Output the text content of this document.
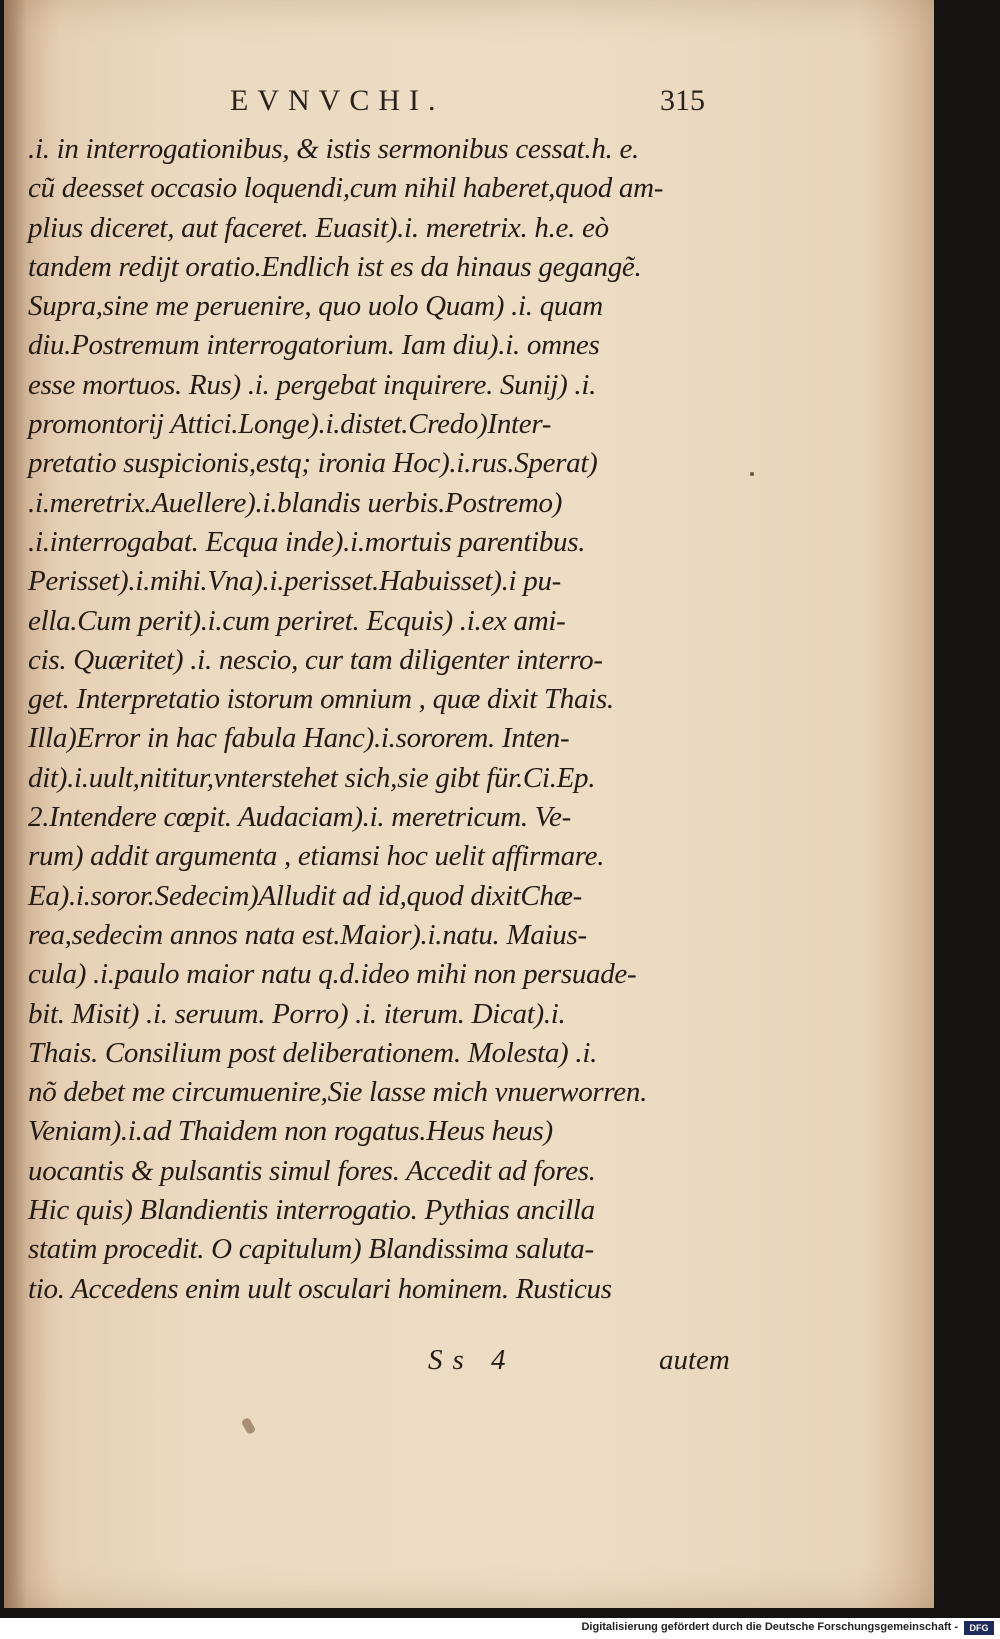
EVNVCHI.	315
.i. in interrogationibus, & istis sermonibus cessat.h. e.
cũ deesset occasio loquendi,cum nihil haberet,quod am-
plius diceret, aut faceret. Euasit).i. meretrix. h.e. eò
tandem redijt oratio.Endlich ist es da hinaus gegangẽ.
Supra,sine me peruenire, quo uolo Quam) .i. quam
diu.Postremum interrogatorium. Iam diu).i. omnes
esse mortuos. Rus) .i. pergebat inquirere. Sunij) .i.
promontorij Attici.Longe).i.distet.Credo)Inter-
pretatio suspicionis,estq; ironia Hoc).i.rus.Sperat)
.i.meretrix.Auellere).i.blandis uerbis.Postremo)
.i.interrogabat. Ecqua inde).i.mortuis parentibus.
Perisset).i.mihi.Vna).i.perisset.Habuisset).i pu-
ella.Cum perit).i.cum periret. Ecquis) .i.ex ami-
cis. Quæritet) .i. nescio, cur tam diligenter interro-
get. Interpretatio istorum omnium , quæ dixit Thais.
Illa)Error in hac fabula Hanc).i.sororem. Inten-
dit).i.uult,nititur,vnterstehet sich,sie gibt für.Ci.Ep.
2.Intendere cœpit. Audaciam).i. meretricum. Ve-
rum) addit argumenta , etiamsi hoc uelit affirmare.
Ea).i.soror.Sedecim)Alludit ad id,quod dixitChæ-
rea,sedecim annos nata est.Maior).i.natu. Maius-
cula) .i.paulo maior natu q.d.ideo mihi non persuade-
bit. Misit) .i. seruum. Porro) .i. iterum. Dicat).i.
Thais. Consilium post deliberationem. Molesta) .i.
nõ debet me circumuenire,Sie lasse mich vnuerworren.
Veniam).i.ad Thaidem non rogatus.Heus heus)
uocantis & pulsantis simul fores. Accedit ad fores.
Hic quis) Blandientis interrogatio. Pythias ancilla
statim procedit. O capitulum) Blandissima saluta-
tio. Accedens enim uult osculari hominem. Rusticus
Ss 4	autem
Digitalisierung gefördert durch die Deutsche Forschungsgemeinschaft -	DFG
